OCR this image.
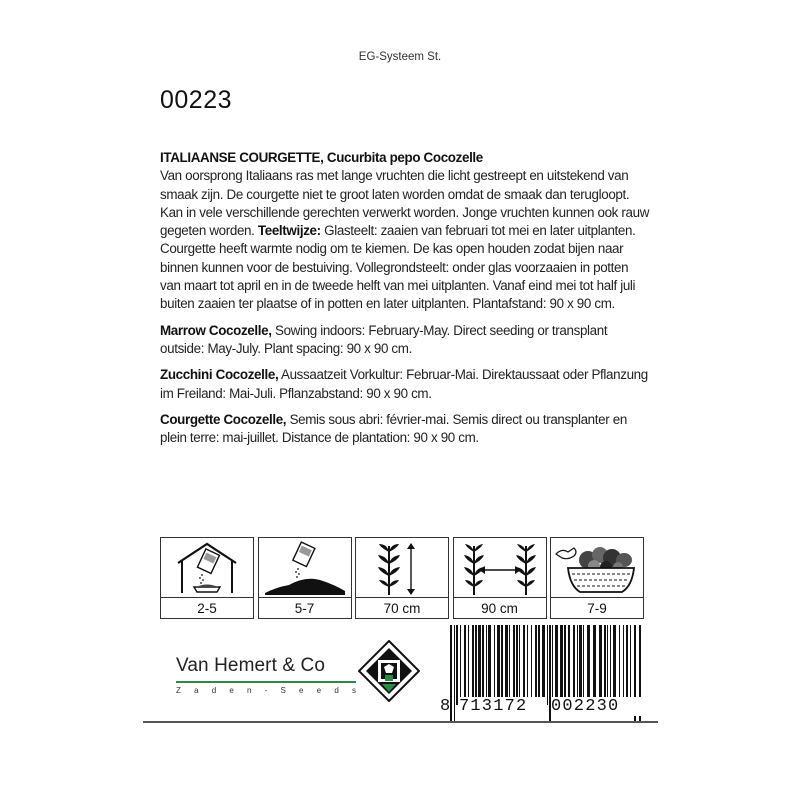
EG-Systeem St.
00223

ITALIAANSE COURGETTE, Cucurbita pepo Cocozelle
Van oorsprong Italiaans ras met lange vruchten die licht gestreept en uitstekend van smaak zijn. De courgette niet te groot laten worden omdat de smaak dan terugloopt. Kan in vele verschillende gerechten verwerkt worden. Jonge vruchten kunnen ook rauw gegeten worden. Teeltwijze: Glasteelt: zaaien van februari tot mei en later uitplanten. Courgette heeft warmte nodig om te kiemen. De kas open houden zodat bijen naar binnen kunnen voor de bestuiving. Vollegrondsteelt: onder glas voorzaaien in potten van maart tot april en in de tweede helft van mei uitplanten. Vanaf eind mei tot half juli buiten zaaien ter plaatse of in potten en later uitplanten. Plantafstand: 90 x 90 cm.

Marrow Cocozelle, Sowing indoors: February-May. Direct seeding or transplant outside: May-July. Plant spacing: 90 x 90 cm.

Zucchini Cocozelle, Aussaatzeit Vorkultur: Februar-Mai. Direktaussaat oder Pflanzung im Freiland: Mai-Juli. Pflanzabstand: 90 x 90 cm.

Courgette Cocozelle, Semis sous abri: février-mai. Semis direct ou transplanter en plein terre: mai-juillet. Distance de plantation: 90 x 90 cm.

2-5	5-7	70 cm	90 cm	7-9
Van Hemert & Co
Z a d e n - S e e d s
8 713172	002230
